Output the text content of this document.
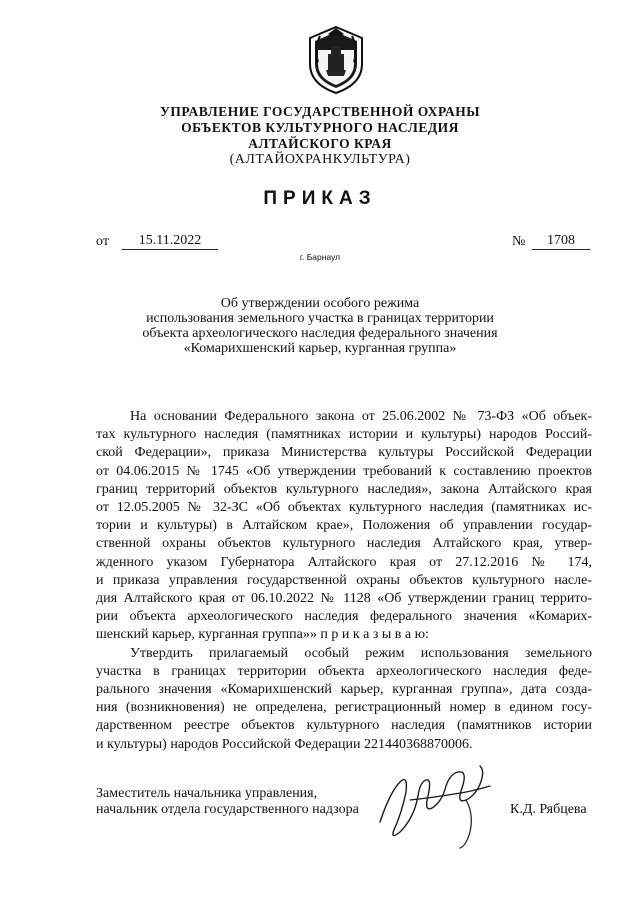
УПРАВЛЕНИЕ ГОСУДАРСТВЕННОЙ ОХРАНЫ
ОБЪЕКТОВ КУЛЬТУРНОГО НАСЛЕДИЯ
АЛТАЙСКОГО КРАЯ
(АЛТАЙОХРАНКУЛЬТУРА)
ПРИКАЗ
от	15.11.2022	№	1708
г. Барнаул
Об утверждении особого режима
использования земельного участка в границах территории
объекта археологического наследия федерального значения
«Комарихшенский карьер, курганная группа»
На основании Федерального закона от 25.06.2002 № 73-ФЗ «Об объек-
тах культурного наследия (памятниках истории и культуры) народов Россий-
ской Федерации», приказа Министерства культуры Российской Федерации
от 04.06.2015 № 1745 «Об утверждении требований к составлению проектов
границ территорий объектов культурного наследия», закона Алтайского края
от 12.05.2005 № 32-ЗС «Об объектах культурного наследия (памятниках ис-
тории и культуры) в Алтайском крае», Положения об управлении государ-
ственной охраны объектов культурного наследия Алтайского края, утвер-
жденного указом Губернатора Алтайского края от 27.12.2016 № 174,
и приказа управления государственной охраны объектов культурного насле-
дия Алтайского края от 06.10.2022 № 1128 «Об утверждении границ террито-
рии объекта археологического наследия федерального значения «Комарих-
шенский карьер, курганная группа»» п р и к а з ы в а ю:
Утвердить прилагаемый особый режим использования земельного
участка в границах территории объекта археологического наследия феде-
рального значения «Комарихшенский карьер, курганная группа», дата созда-
ния (возникновения) не определена, регистрационный номер в едином госу-
дарственном реестре объектов культурного наследия (памятников истории
и культуры) народов Российской Федерации 221440368870006.
Заместитель начальника управления,
начальник отдела государственного надзора	К.Д. Рябцева
